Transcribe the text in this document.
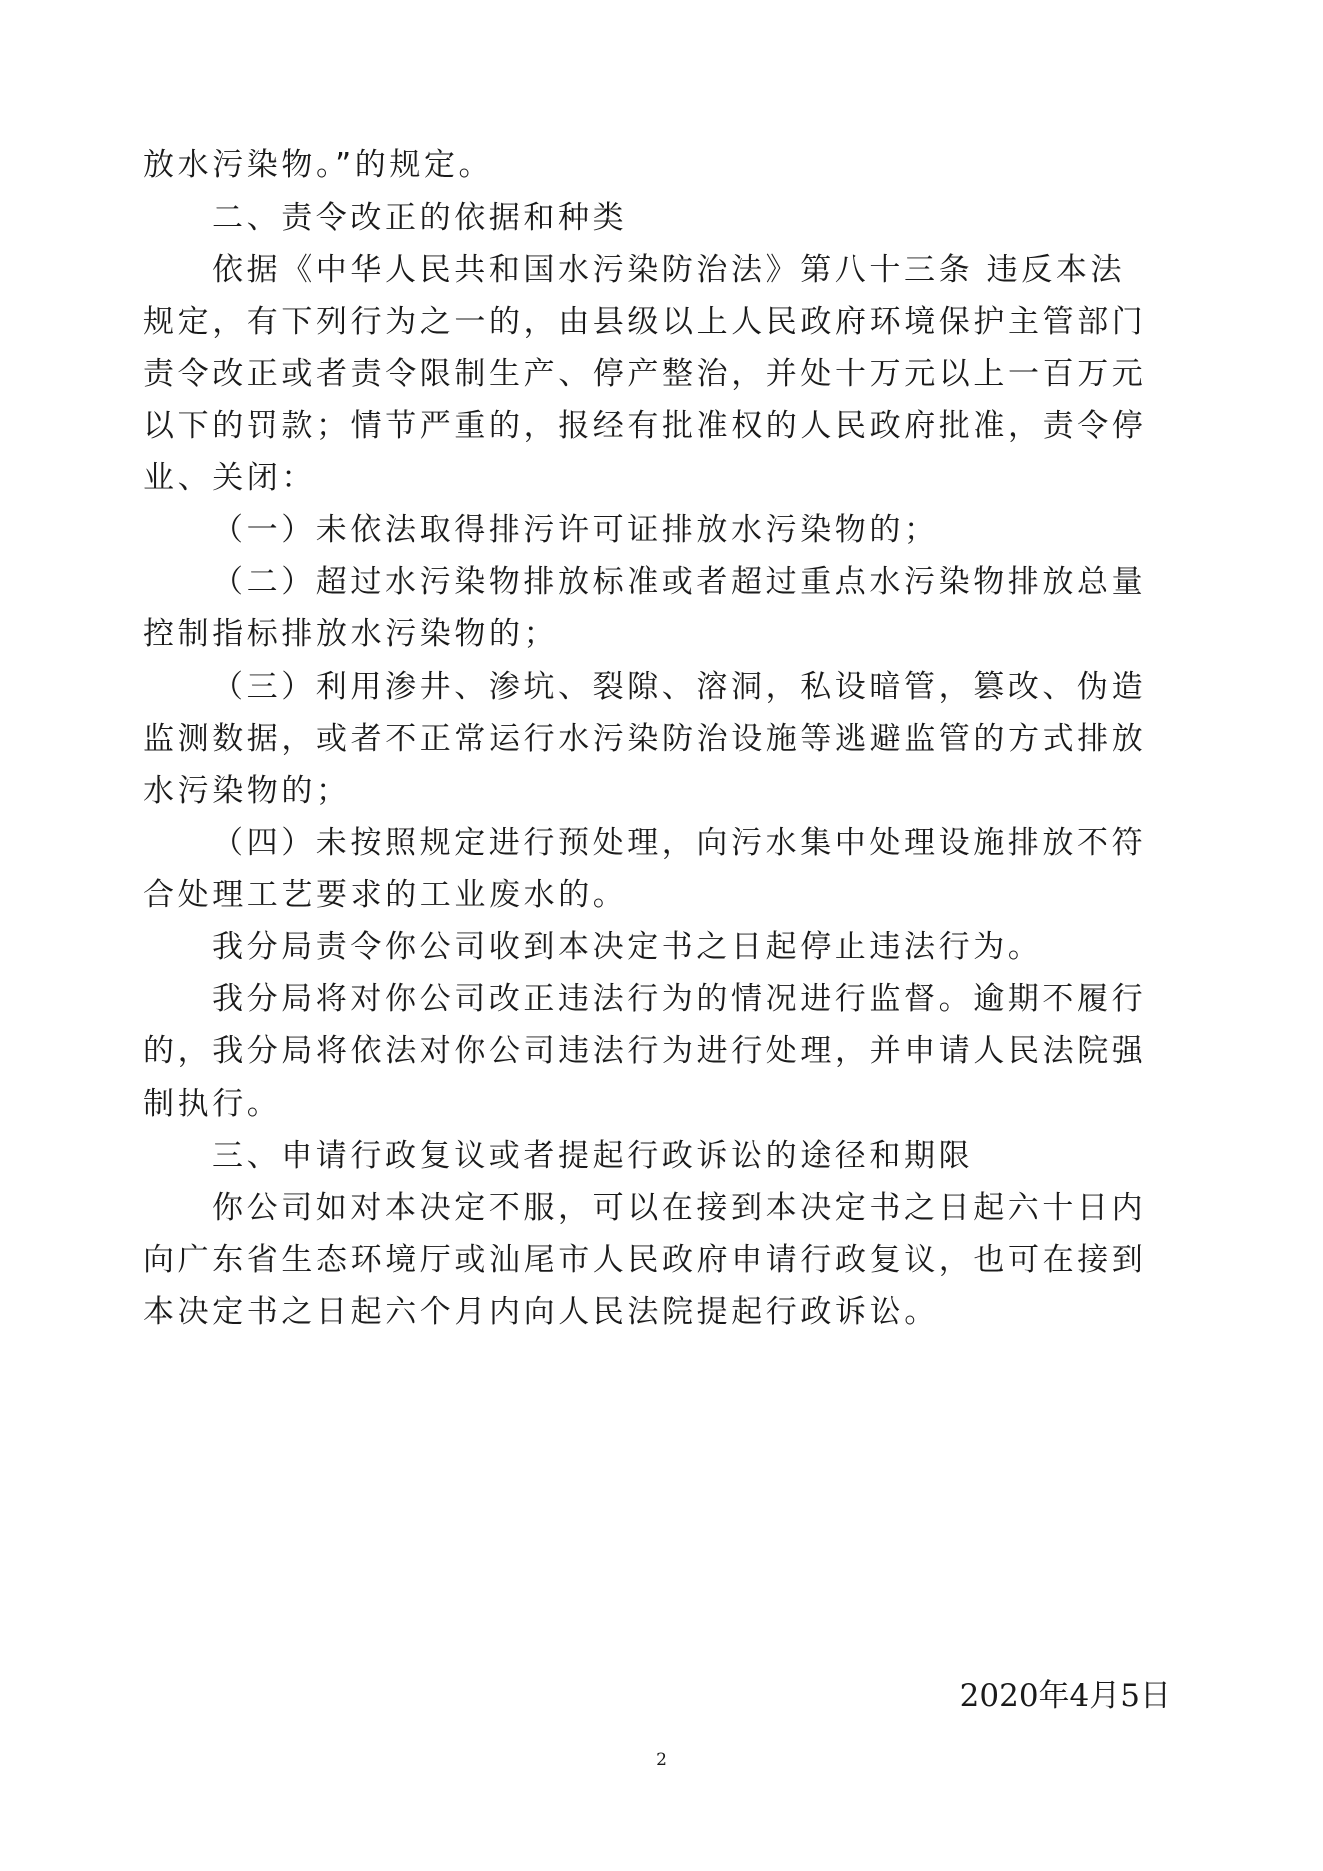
放水污染物。”的规定。
二、责令改正的依据和种类
依据《中华人民共和国水污染防治法》第八十三条 违反本法
规定，有下列行为之一的，由县级以上人民政府环境保护主管部门
责令改正或者责令限制生产、停产整治，并处十万元以上一百万元
以下的罚款；情节严重的，报经有批准权的人民政府批准，责令停
业、关闭：
（一）未依法取得排污许可证排放水污染物的；
（二）超过水污染物排放标准或者超过重点水污染物排放总量
控制指标排放水污染物的；
（三）利用渗井、渗坑、裂隙、溶洞，私设暗管，篡改、伪造
监测数据，或者不正常运行水污染防治设施等逃避监管的方式排放
水污染物的；
（四）未按照规定进行预处理，向污水集中处理设施排放不符
合处理工艺要求的工业废水的。
我分局责令你公司收到本决定书之日起停止违法行为。
我分局将对你公司改正违法行为的情况进行监督。逾期不履行
的，我分局将依法对你公司违法行为进行处理，并申请人民法院强
制执行。
三、申请行政复议或者提起行政诉讼的途径和期限
你公司如对本决定不服，可以在接到本决定书之日起六十日内
向广东省生态环境厅或汕尾市人民政府申请行政复议，也可在接到
本决定书之日起六个月内向人民法院提起行政诉讼。
2020年4月5日
2
